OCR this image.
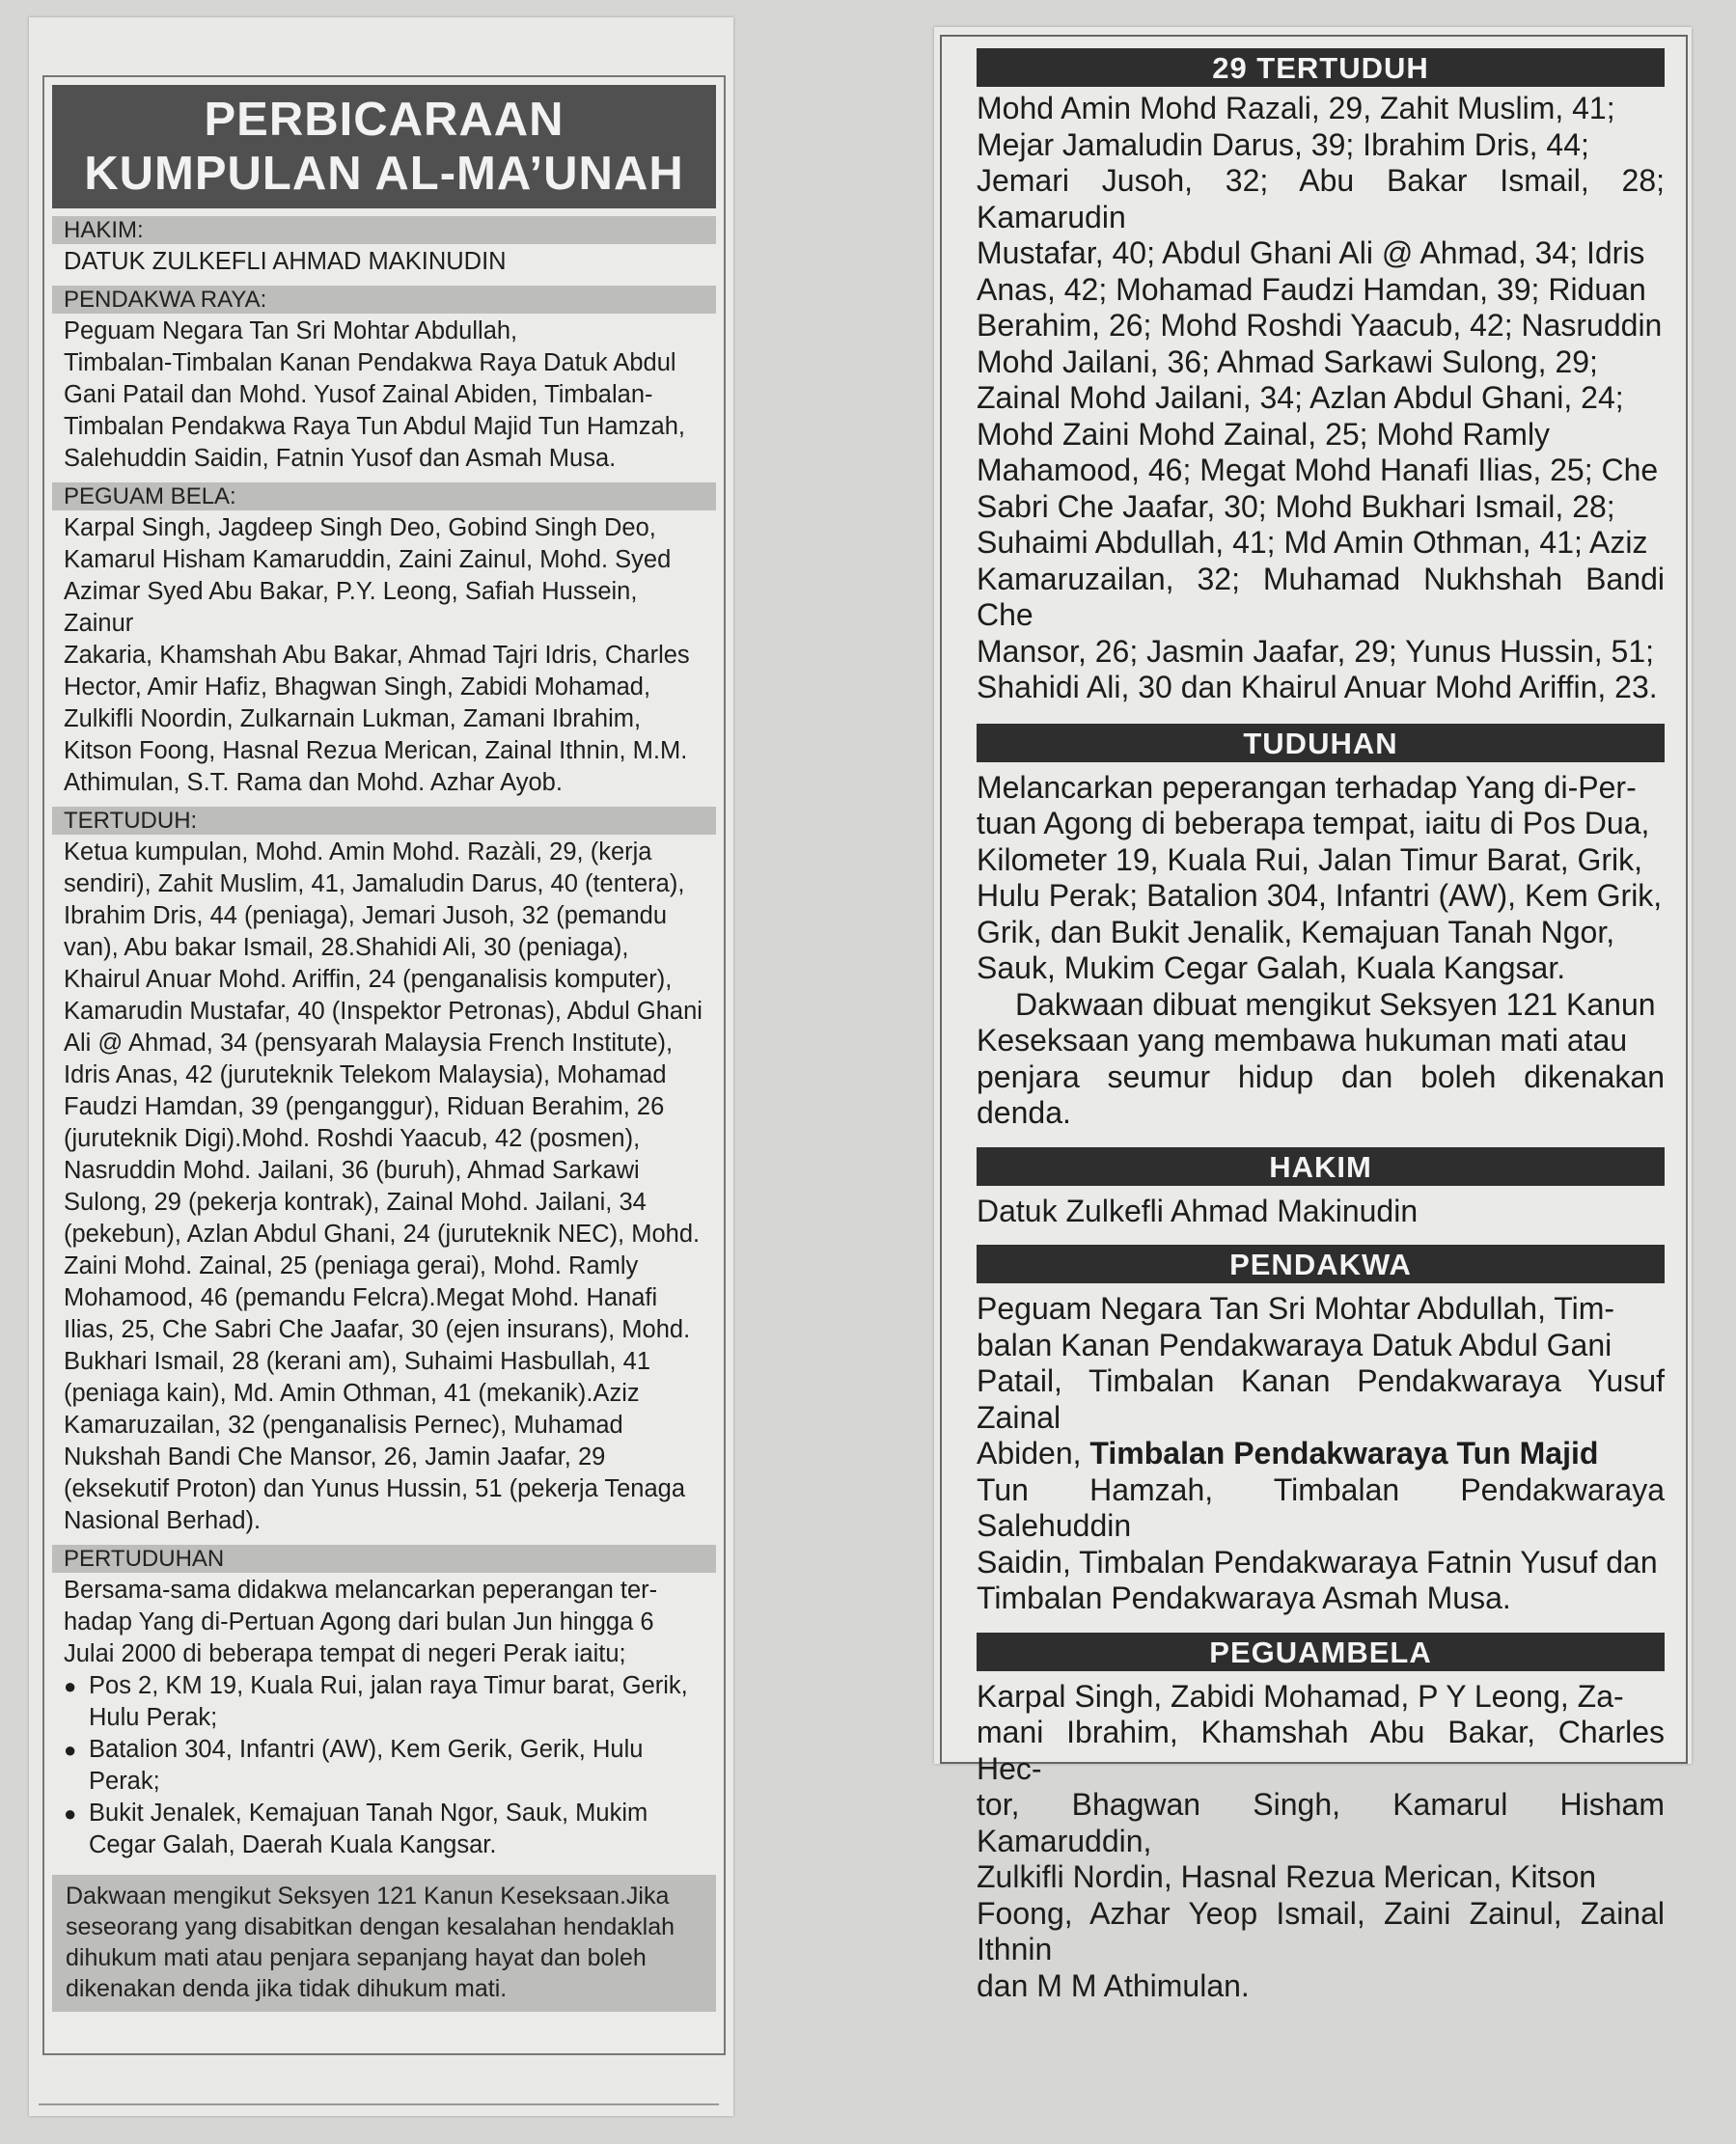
PERBICARAAN
KUMPULAN AL-MA’UNAH
HAKIM:
DATUK ZULKEFLI AHMAD MAKINUDIN
PENDAKWA RAYA:
Peguam Negara Tan Sri Mohtar Abdullah,
Timbalan-Timbalan Kanan Pendakwa Raya Datuk Abdul
Gani Patail dan Mohd. Yusof Zainal Abiden, Timbalan-
Timbalan Pendakwa Raya Tun Abdul Majid Tun Hamzah,
Salehuddin Saidin, Fatnin Yusof dan Asmah Musa.
PEGUAM BELA:
Karpal Singh, Jagdeep Singh Deo, Gobind Singh Deo,
Kamarul Hisham Kamaruddin, Zaini Zainul, Mohd. Syed
Azimar Syed Abu Bakar, P.Y. Leong, Safiah Hussein, Zainur
Zakaria, Khamshah Abu Bakar, Ahmad Tajri Idris, Charles
Hector, Amir Hafiz, Bhagwan Singh, Zabidi Mohamad,
Zulkifli Noordin, Zulkarnain Lukman, Zamani Ibrahim,
Kitson Foong, Hasnal Rezua Merican, Zainal Ithnin, M.M.
Athimulan, S.T. Rama dan Mohd. Azhar Ayob.
TERTUDUH:
Ketua kumpulan, Mohd. Amin Mohd. Razàli, 29, (kerja
sendiri), Zahit Muslim, 41, Jamaludin Darus, 40 (tentera),
Ibrahim Dris, 44 (peniaga), Jemari Jusoh, 32 (pemandu
van), Abu bakar Ismail, 28.Shahidi Ali, 30 (peniaga),
Khairul Anuar Mohd. Ariffin, 24 (penganalisis komputer),
Kamarudin Mustafar, 40 (Inspektor Petronas), Abdul Ghani
Ali @ Ahmad, 34 (pensyarah Malaysia French Institute),
Idris Anas, 42 (juruteknik Telekom Malaysia), Mohamad
Faudzi Hamdan, 39 (penganggur), Riduan Berahim, 26
(juruteknik Digi).Mohd. Roshdi Yaacub, 42 (posmen),
Nasruddin Mohd. Jailani, 36 (buruh), Ahmad Sarkawi
Sulong, 29 (pekerja kontrak), Zainal Mohd. Jailani, 34
(pekebun), Azlan Abdul Ghani, 24 (juruteknik NEC), Mohd.
Zaini Mohd. Zainal, 25 (peniaga gerai), Mohd. Ramly
Mohamood, 46 (pemandu Felcra).Megat Mohd. Hanafi
Ilias, 25, Che Sabri Che Jaafar, 30 (ejen insurans), Mohd.
Bukhari Ismail, 28 (kerani am), Suhaimi Hasbullah, 41
(peniaga kain), Md. Amin Othman, 41 (mekanik).Aziz
Kamaruzailan, 32 (penganalisis Pernec), Muhamad
Nukshah Bandi Che Mansor, 26, Jamin Jaafar, 29
(eksekutif Proton) dan Yunus Hussin, 51 (pekerja Tenaga
Nasional Berhad).
PERTUDUHAN
Bersama-sama didakwa melancarkan peperangan ter-
hadap Yang di-Pertuan Agong dari bulan Jun hingga 6
Julai 2000 di beberapa tempat di negeri Perak iaitu;
● Pos 2, KM 19, Kuala Rui, jalan raya Timur barat, Gerik,
Hulu Perak;
● Batalion 304, Infantri (AW), Kem Gerik, Gerik, Hulu
Perak;
● Bukit Jenalek, Kemajuan Tanah Ngor, Sauk, Mukim
Cegar Galah, Daerah Kuala Kangsar.
Dakwaan mengikut Seksyen 121 Kanun Keseksaan.Jika
seseorang yang disabitkan dengan kesalahan hendaklah
dihukum mati atau penjara sepanjang hayat dan boleh
dikenakan denda jika tidak dihukum mati.
29 TERTUDUH
Mohd Amin Mohd Razali, 29, Zahit Muslim, 41;
Mejar Jamaludin Darus, 39; Ibrahim Dris, 44;
Jemari Jusoh, 32; Abu Bakar Ismail, 28; Kamarudin
Mustafar, 40; Abdul Ghani Ali @ Ahmad, 34; Idris
Anas, 42; Mohamad Faudzi Hamdan, 39; Riduan
Berahim, 26; Mohd Roshdi Yaacub, 42; Nasruddin
Mohd Jailani, 36; Ahmad Sarkawi Sulong, 29;
Zainal Mohd Jailani, 34; Azlan Abdul Ghani, 24;
Mohd Zaini Mohd Zainal, 25; Mohd Ramly
Mahamood, 46; Megat Mohd Hanafi Ilias, 25; Che
Sabri Che Jaafar, 30; Mohd Bukhari Ismail, 28;
Suhaimi Abdullah, 41; Md Amin Othman, 41; Aziz
Kamaruzailan, 32; Muhamad Nukhshah Bandi Che
Mansor, 26; Jasmin Jaafar, 29; Yunus Hussin, 51;
Shahidi Ali, 30 dan Khairul Anuar Mohd Ariffin, 23.
TUDUHAN
Melancarkan peperangan terhadap Yang di-Per-
tuan Agong di beberapa tempat, iaitu di Pos Dua,
Kilometer 19, Kuala Rui, Jalan Timur Barat, Grik,
Hulu Perak; Batalion 304, Infantri (AW), Kem Grik,
Grik, dan Bukit Jenalik, Kemajuan Tanah Ngor,
Sauk, Mukim Cegar Galah, Kuala Kangsar.
Dakwaan dibuat mengikut Seksyen 121 Kanun
Keseksaan yang membawa hukuman mati atau
penjara seumur hidup dan boleh dikenakan denda.
HAKIM
Datuk Zulkefli Ahmad Makinudin
PENDAKWA
Peguam Negara Tan Sri Mohtar Abdullah, Tim-
balan Kanan Pendakwaraya Datuk Abdul Gani
Patail, Timbalan Kanan Pendakwaraya Yusuf Zainal
Abiden, Timbalan Pendakwaraya Tun Majid
Tun Hamzah, Timbalan Pendakwaraya Salehuddin
Saidin, Timbalan Pendakwaraya Fatnin Yusuf dan
Timbalan Pendakwaraya Asmah Musa.
PEGUAMBELA
Karpal Singh, Zabidi Mohamad, P Y Leong, Za-
mani Ibrahim, Khamshah Abu Bakar, Charles Hec-
tor, Bhagwan Singh, Kamarul Hisham Kamaruddin,
Zulkifli Nordin, Hasnal Rezua Merican, Kitson
Foong, Azhar Yeop Ismail, Zaini Zainul, Zainal Ithnin
dan M M Athimulan.
